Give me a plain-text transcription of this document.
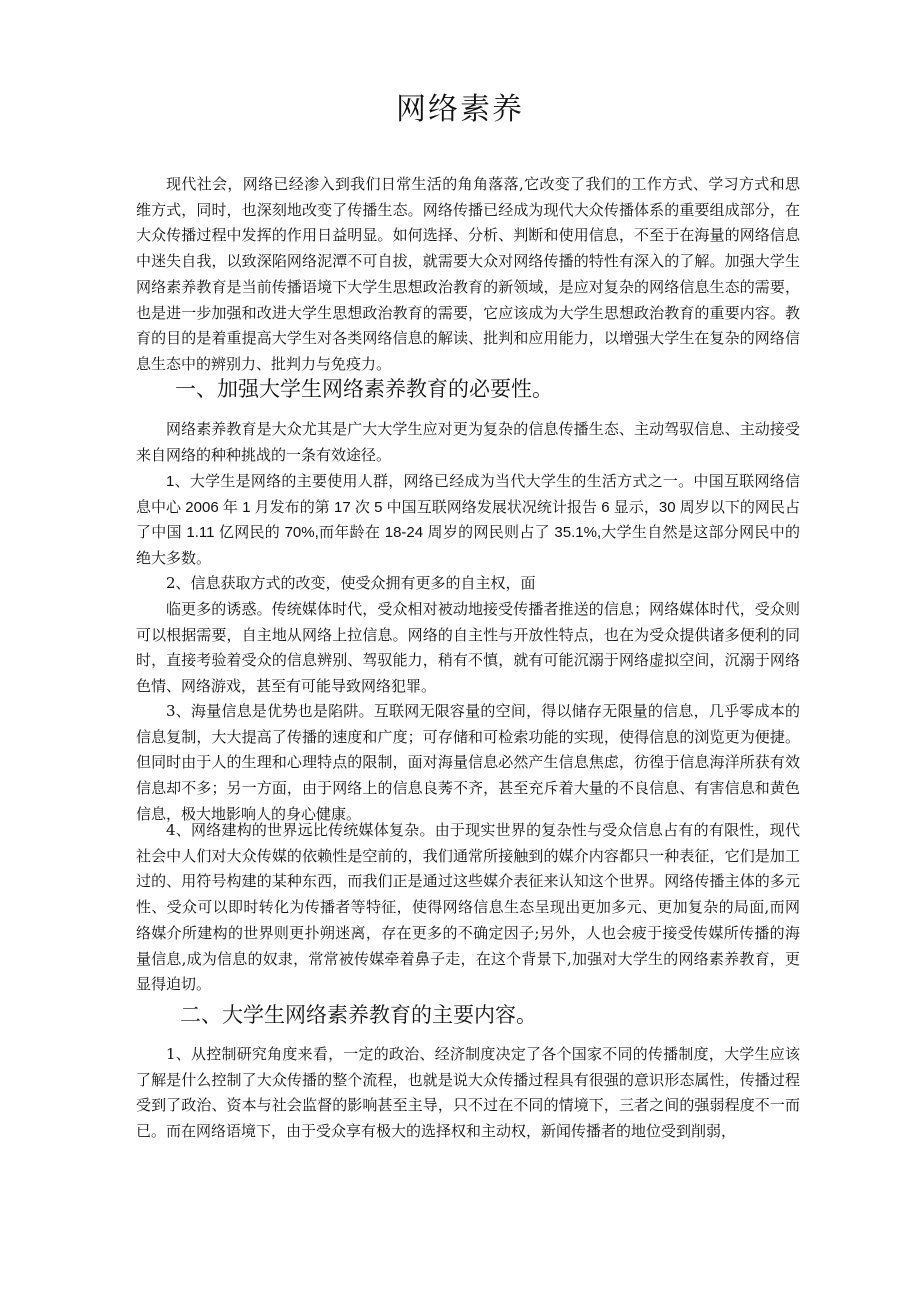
网络素养

现代社会，网络已经渗入到我们日常生活的角角落落,它改变了我们的工作方式、学习方式和思维方式，同时，也深刻地改变了传播生态。网络传播已经成为现代大众传播体系的重要组成部分，在大众传播过程中发挥的作用日益明显。如何选择、分析、判断和使用信息，不至于在海量的网络信息中迷失自我，以致深陷网络泥潭不可自拔，就需要大众对网络传播的特性有深入的了解。加强大学生网络素养教育是当前传播语境下大学生思想政治教育的新领域，是应对复杂的网络信息生态的需要，也是进一步加强和改进大学生思想政治教育的需要，它应该成为大学生思想政治教育的重要内容。教育的目的是着重提高大学生对各类网络信息的解读、批判和应用能力，以增强大学生在复杂的网络信息生态中的辨别力、批判力与免疫力。

一、加强大学生网络素养教育的必要性。

网络素养教育是大众尤其是广大大学生应对更为复杂的信息传播生态、主动驾驭信息、主动接受来自网络的种种挑战的一条有效途径。

1、大学生是网络的主要使用人群，网络已经成为当代大学生的生活方式之一。中国互联网络信息中心 2006 年 1 月发布的第 17 次 5 中国互联网络发展状况统计报告 6 显示，30 周岁以下的网民占了中国 1.11 亿网民的 70%,而年龄在 18-24 周岁的网民则占了 35.1%,大学生自然是这部分网民中的绝大多数。

2、信息获取方式的改变，使受众拥有更多的自主权，面

临更多的诱惑。传统媒体时代，受众相对被动地接受传播者推送的信息；网络媒体时代，受众则可以根据需要，自主地从网络上拉信息。网络的自主性与开放性特点，也在为受众提供诸多便利的同时，直接考验着受众的信息辨别、驾驭能力，稍有不慎，就有可能沉溺于网络虚拟空间，沉溺于网络色情、网络游戏，甚至有可能导致网络犯罪。

3、海量信息是优势也是陷阱。互联网无限容量的空间，得以储存无限量的信息，几乎零成本的信息复制，大大提高了传播的速度和广度；可存储和可检索功能的实现，使得信息的浏览更为便捷。但同时由于人的生理和心理特点的限制，面对海量信息必然产生信息焦虑，彷徨于信息海洋所获有效信息却不多；另一方面，由于网络上的信息良莠不齐，甚至充斥着大量的不良信息、有害信息和黄色信息，极大地影响人的身心健康。

4、网络建构的世界远比传统媒体复杂。由于现实世界的复杂性与受众信息占有的有限性，现代社会中人们对大众传媒的依赖性是空前的，我们通常所接触到的媒介内容都只一种表征，它们是加工过的、用符号构建的某种东西，而我们正是通过这些媒介表征来认知这个世界。网络传播主体的多元性、受众可以即时转化为传播者等特征，使得网络信息生态呈现出更加多元、更加复杂的局面,而网络媒介所建构的世界则更扑朔迷离，存在更多的不确定因子;另外，人也会疲于接受传媒所传播的海量信息,成为信息的奴隶，常常被传媒牵着鼻子走，在这个背景下,加强对大学生的网络素养教育，更显得迫切。

二、大学生网络素养教育的主要内容。

1、从控制研究角度来看，一定的政治、经济制度决定了各个国家不同的传播制度，大学生应该了解是什么控制了大众传播的整个流程，也就是说大众传播过程具有很强的意识形态属性，传播过程受到了政治、资本与社会监督的影响甚至主导，只不过在不同的情境下，三者之间的强弱程度不一而已。而在网络语境下，由于受众享有极大的选择权和主动权，新闻传播者的地位受到削弱，
